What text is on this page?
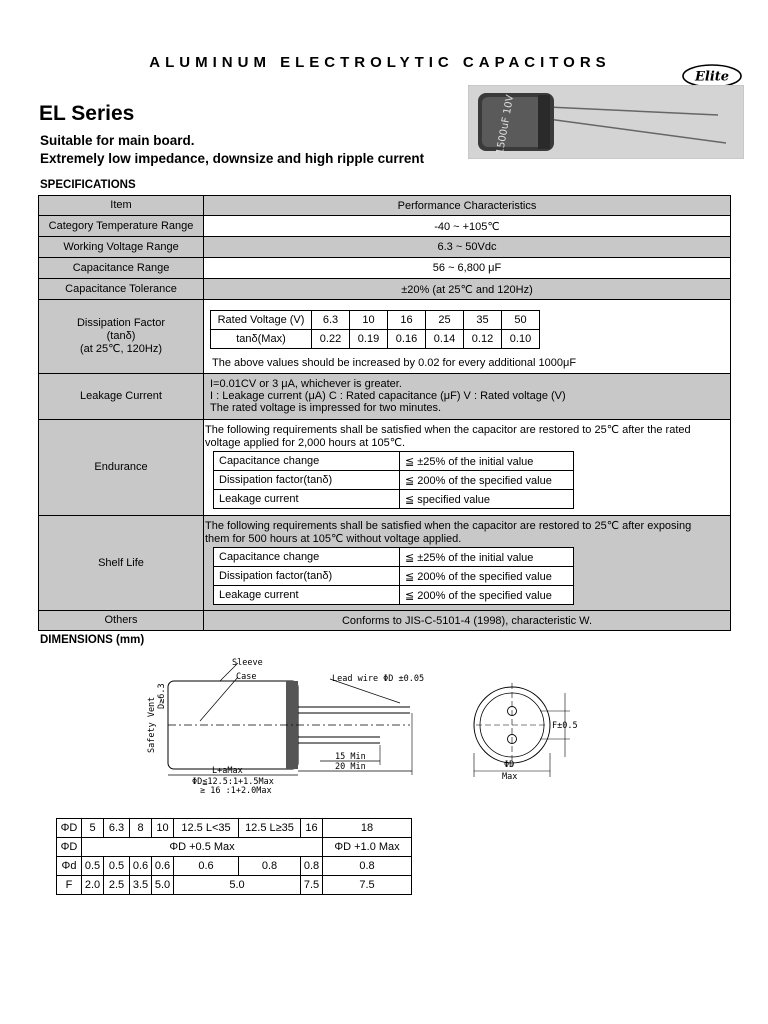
ALUMINUM ELECTROLYTIC CAPACITORS
Elite
EL Series
Suitable for main board.
Extremely low impedance, downsize and high ripple current
1500uF 10V
SPECIFICATIONS
Item	Performance Characteristics
Category Temperature Range	-40 ~ +105℃
Working Voltage Range	6.3 ~ 50Vdc
Capacitance Range	56 ~ 6,800 μF
Capacitance Tolerance	±20% (at 25℃ and 120Hz)
Dissipation Factor
(tanδ)
(at 25℃, 120Hz)
Rated Voltage (V)	6.3	10	16	25	35	50
tanδ(Max)	0.22	0.19	0.16	0.14	0.12	0.10
The above values should be increased by 0.02 for every additional 1000μF
Leakage Current
I=0.01CV or 3 μA, whichever is greater.
I : Leakage current (μA) C : Rated capacitance (μF) V : Rated voltage (V)
The rated voltage is impressed for two minutes.
Endurance
The following requirements shall be satisfied when the capacitor are restored to 25℃ after the rated
voltage applied for 2,000 hours at 105℃.
Capacitance change	≦ ±25% of the initial value
Dissipation factor(tanδ)	≦ 200% of the specified value
Leakage current	≦ specified value
Shelf Life
The following requirements shall be satisfied when the capacitor are restored to 25℃ after exposing
them for 500 hours at 105℃ without voltage applied.
Capacitance change	≦ ±25% of the initial value
Dissipation factor(tanδ)	≦ 200% of the specified value
Leakage current	≦ 200% of the specified value
Others	Conforms to JIS-C-5101-4 (1998), characteristic W.
DIMENSIONS (mm)
Sleeve
Case
Safety Vent
D≥6.3
Lead wire ΦD ±0.05
15 Min
20 Min
L+aMax
ΦD≦12.5:1+1.5Max
≧ 16 :1+2.0Max
F±0.5
ΦD
Max
ΦD	5	6.3	8	10	12.5 L<35	12.5 L≥35	16	18
ΦD	ΦD +0.5 Max							ΦD +1.0 Max
Φd	0.5	0.5	0.6	0.6	0.6	0.8	0.8	0.8
F	2.0	2.5	3.5	5.0	5.0		7.5	7.5
